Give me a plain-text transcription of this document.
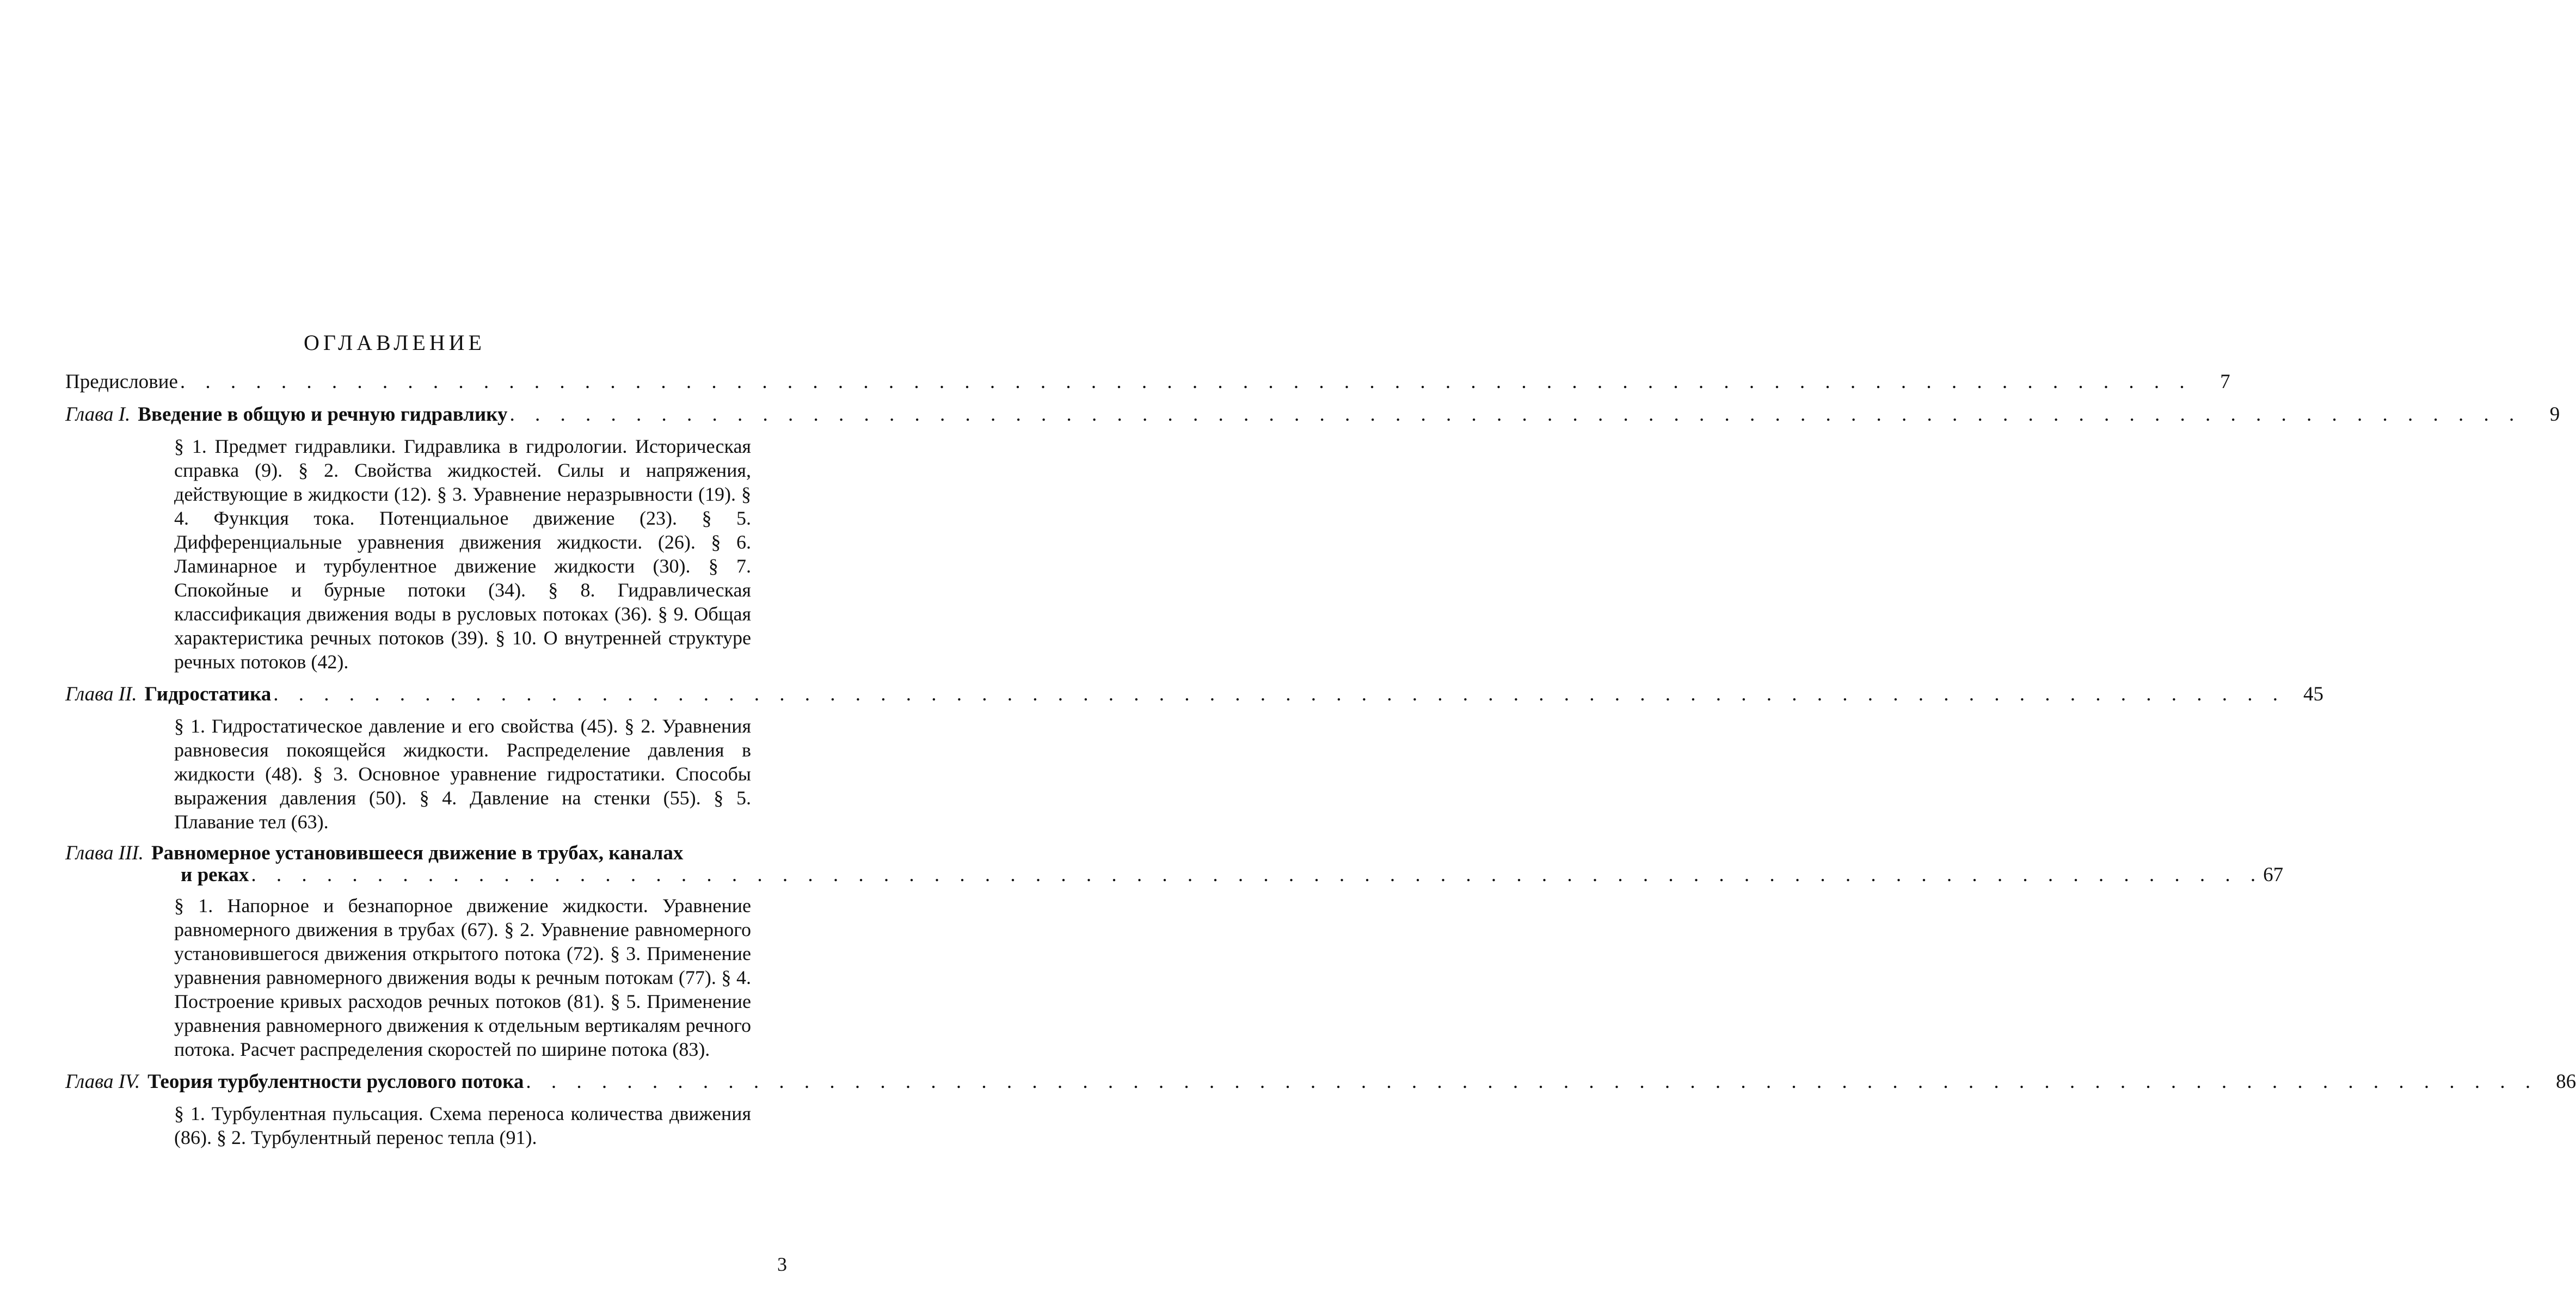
ОГЛАВЛЕНИЕ
Предисловие . . . . . . . . . . . . . . . . . . . . . . . . . . . . . . . . . . . . . . . . . . . . . . . . . . . . . . . . . . . . . . . . . . . . . . . . . . . . . . . .	7
Глава I. Введение в общую и речную гидравлику . . . . . . . . . . . . . . . . . . . . . . . . . . . . . . . . . . . . . . . . . . . . . . . . . . . . . . . . . . . . . . . . . . . . . . . . . . . . . . . .	9
§ 1. Предмет гидравлики. Гидравлика в гидрологии. Историческая справка (9). § 2. Свойства жидкостей. Силы и напряжения, действующие в жидкости (12). § 3. Уравнение неразрывности (19). § 4. Функция тока. Потенциальное движение (23). § 5. Дифференциальные уравнения движения жидкости. (26). § 6. Ламинарное и турбулентное движение жидкости (30). § 7. Спокойные и бурные потоки (34). § 8. Гидравлическая классификация движения воды в русловых потоках (36). § 9. Общая характеристика речных потоков (39). § 10. О внутренней структуре речных потоков (42).
Глава II. Гидростатика . . . . . . . . . . . . . . . . . . . . . . . . . . . . . . . . . . . . . . . . . . . . . . . . . . . . . . . . . . . . . . . . . . . . . . . . . . . . . . . . 45
§ 1. Гидростатическое давление и его свойства (45). § 2. Уравнения равновесия покоящейся жидкости. Распределение давления в жидкости (48). § 3. Основное уравнение гидростатики. Способы выражения давления (50). § 4. Давление на стенки (55). § 5. Плавание тел (63).
Глава III. Равномерное установившееся движение в трубах, каналах
и реках . . . . . . . . . . . . . . . . . . . . . . . . . . . . . . . . . . . . . . . . . . . . . . . . . . . . . . . . . . . . . . . . . . . . . . . . . . . . . . . . 67
§ 1. Напорное и безнапорное движение жидкости. Уравнение равномерного движения в трубах (67). § 2. Уравнение равномерного установившегося движения открытого потока (72). § 3. Применение уравнения равномерного движения воды к речным потокам (77). § 4. Построение кривых расходов речных потоков (81). § 5. Применение уравнения равномерного движения к отдельным вертикалям речного потока. Расчет распределения скоростей по ширине потока (83).
Глава IV. Теория турбулентности руслового потока . . . . . . . . . . . . . . . . . . . . . . . . . . . . . . . . . . . . . . . . . . . . . . . . . . . . . . . . . . . . . . . . . . . . . . . . . . . . . . . . 86
§ 1. Турбулентная пульсация. Схема переноса количества движения (86). § 2. Турбулентный перенос тепла (91).
3
